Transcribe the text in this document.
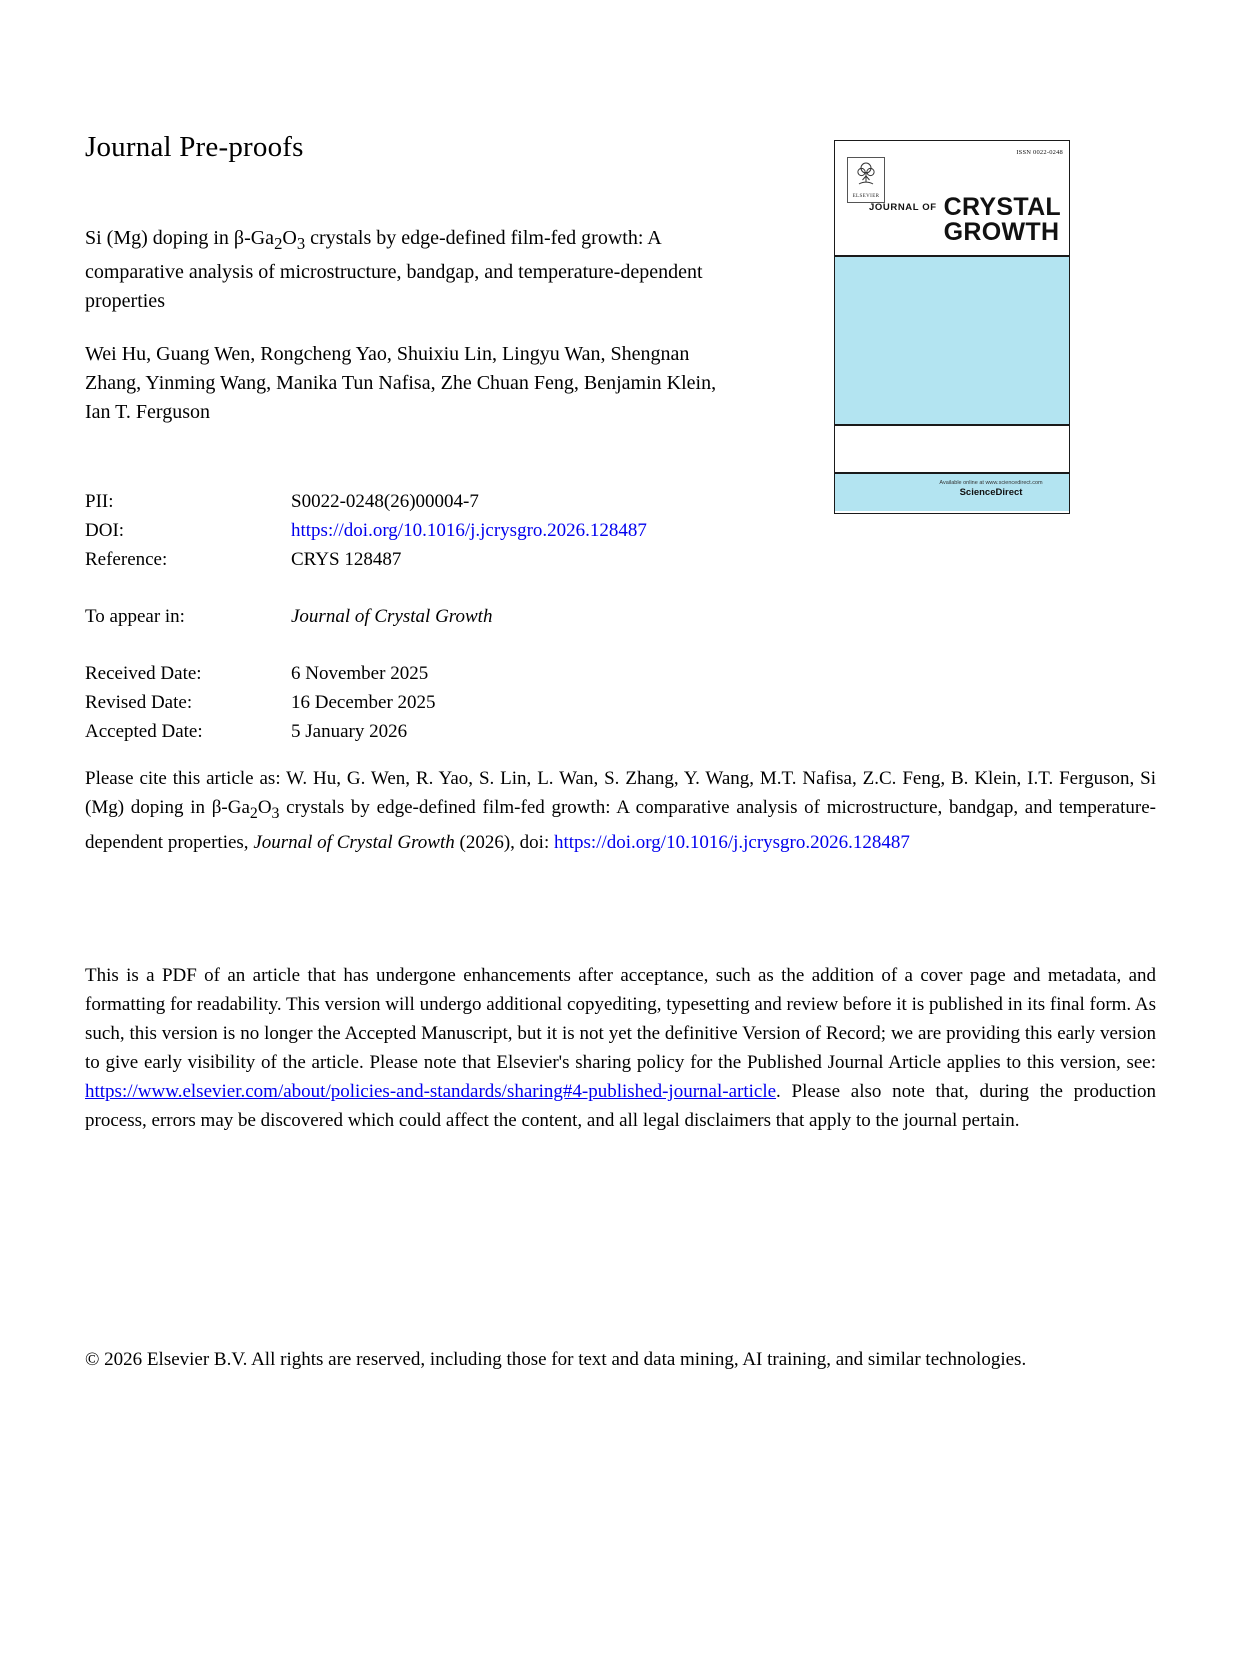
Journal Pre-proofs
ELSEVIER
ISSN 0022-0248
JOURNAL OF CRYSTAL
GROWTH
Available online at www.sciencedirect.com
ScienceDirect
Si (Mg) doping in $\beta-Ga_2O_3$ crystals by edge-defined film-fed growth: A comparative analysis of microstructure, bandgap, and temperature-dependent properties
Wei Hu, Guang Wen, Rongcheng Yao, Shuixiu Lin, Lingyu Wan, Shengnan Zhang, Yinming Wang, Manika Tun Nafisa, Zhe Chuan Feng, Benjamin Klein, Ian T. Ferguson
PII:	S0022-0248(26)00004-7
DOI:	https://doi.org/10.1016/j.jcrysgro.2026.128487
Reference:	CRYS 128487
To appear in:	Journal of Crystal Growth
Received Date:	6 November 2025
Revised Date:	16 December 2025
Accepted Date:	5 January 2026
Please cite this article as: W. Hu, G. Wen, R. Yao, S. Lin, L. Wan, S. Zhang, Y. Wang, M.T. Nafisa, Z.C. Feng, B. Klein, I.T. Ferguson, Si (Mg) doping in $\beta-Ga_2O_3$ crystals by edge-defined film-fed growth: A comparative analysis of microstructure, bandgap, and temperature-dependent properties, Journal of Crystal Growth (2026), doi: https://doi.org/10.1016/j.jcrysgro.2026.128487
This is a PDF of an article that has undergone enhancements after acceptance, such as the addition of a cover page and metadata, and formatting for readability. This version will undergo additional copyediting, typesetting and review before it is published in its final form. As such, this version is no longer the Accepted Manuscript, but it is not yet the definitive Version of Record; we are providing this early version to give early visibility of the article. Please note that Elsevier's sharing policy for the Published Journal Article applies to this version, see: https://www.elsevier.com/about/policies-and-standards/sharing#4-published-journal-article. Please also note that, during the production process, errors may be discovered which could affect the content, and all legal disclaimers that apply to the journal pertain.
© 2026 Elsevier B.V. All rights are reserved, including those for text and data mining, AI training, and similar technologies.
